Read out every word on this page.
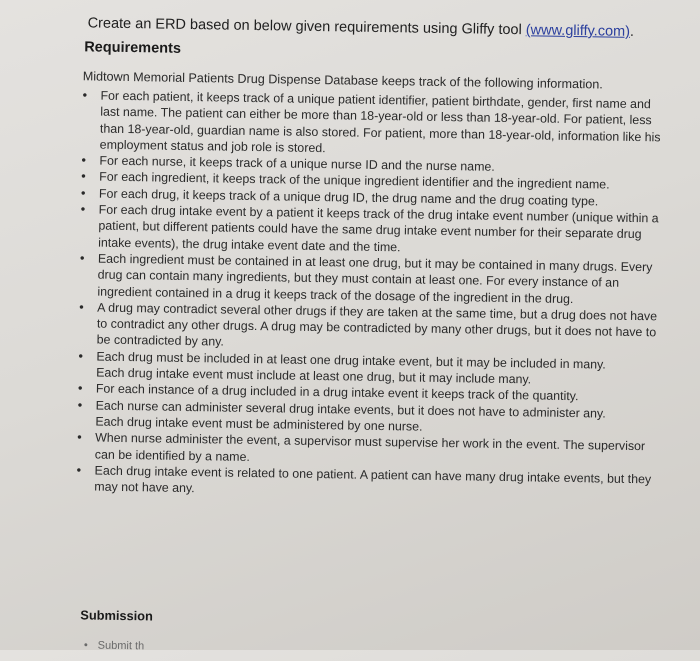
Create an ERD based on below given requirements using Gliffy tool (www.gliffy.com).
Requirements
Midtown Memorial Patients Drug Dispense Database keeps track of the following information.
• For each patient, it keeps track of a unique patient identifier, patient birthdate, gender, first name and last name. The patient can either be more than 18-year-old or less than 18-year-old. For patient, less than 18-year-old, guardian name is also stored. For patient, more than 18-year-old, information like his employment status and job role is stored.

• For each nurse, it keeps track of a unique nurse ID and the nurse name.

• For each ingredient, it keeps track of the unique ingredient identifier and the ingredient name.

• For each drug, it keeps track of a unique drug ID, the drug name and the drug coating type.

• For each drug intake event by a patient it keeps track of the drug intake event number (unique within a patient, but different patients could have the same drug intake event number for their separate drug intake events), the drug intake event date and the time.

• Each ingredient must be contained in at least one drug, but it may be contained in many drugs. Every drug can contain many ingredients, but they must contain at least one. For every instance of an ingredient contained in a drug it keeps track of the dosage of the ingredient in the drug.

• A drug may contradict several other drugs if they are taken at the same time, but a drug does not have to contradict any other drugs. A drug may be contradicted by many other drugs, but it does not have to be contradicted by any.

• Each drug must be included in at least one drug intake event, but it may be included in many.

Each drug intake event must include at least one drug, but it may include many.

• For each instance of a drug included in a drug intake event it keeps track of the quantity.

• Each nurse can administer several drug intake events, but it does not have to administer any.

Each drug intake event must be administered by one nurse.

• When nurse administer the event, a supervisor must supervise her work in the event. The supervisor can be identified by a name.

• Each drug intake event is related to one patient. A patient can have many drug intake events, but they may not have any.

Submission
• Submit th
